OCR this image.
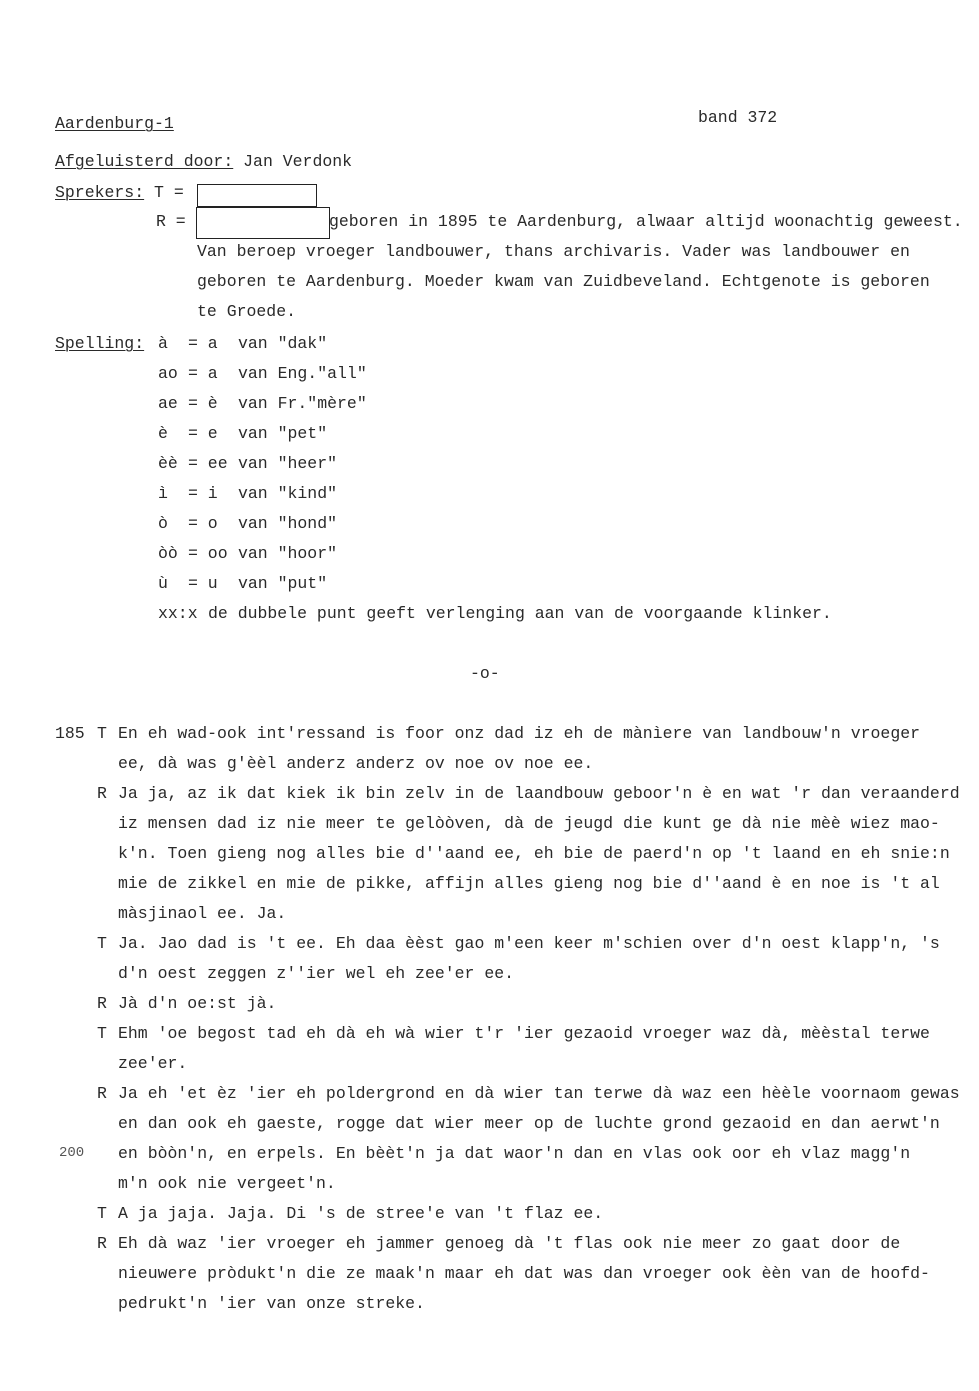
Aardenburg-1	band 372
Afgeluisterd door: Jan Verdonk
Sprekers: T =
R =	geboren in 1895 te Aardenburg, alwaar altijd woonachtig geweest.
Van beroep vroeger landbouwer, thans archivaris. Vader was landbouwer en
geboren te Aardenburg. Moeder kwam van Zuidbeveland. Echtgenote is geboren
te Groede.
Spelling: à = a van "dak"
ao = a van Eng."all"
ae = è van Fr."mère"
è = e van "pet"
èè = ee van "heer"
ì = i van "kind"
ò = o van "hond"
òò = oo van "hoor"
ù = u van "put"
xx:x de dubbele punt geeft verlenging aan van de voorgaande klinker.
-o-
185
200
T En eh wad-ook int'ressand is foor onz dad iz eh de mànìere van landbouw'n vroeger
ee, dà was g'èèl anderz anderz ov noe ov noe ee.
R Ja ja, az ik dat kiek ik bin zelv in de laandbouw geboor'n è en wat 'r dan veraanderd
iz mensen dad iz nie meer te gelòòven, dà de jeugd die kunt ge dà nie mèè wiez mao-
k'n. Toen gieng nog alles bie d''aand ee, eh bie de paerd'n op 't laand en eh snie:n
mie de zikkel en mie de pikke, affijn alles gieng nog bie d''aand è en noe is 't al
màsjinaol ee. Ja.
T Ja. Jao dad is 't ee. Eh daa èèst gao m'een keer m'schien over d'n oest klapp'n, 's
d'n oest zeggen z''ier wel eh zee'er ee.
R Jà d'n oe:st jà.
T Ehm 'oe begost tad eh dà eh wà wier t'r 'ier gezaoid vroeger waz dà, mèèstal terwe
zee'er.
R Ja eh 'et èz 'ier eh poldergrond en dà wier tan terwe dà waz een hèèle voornaom gewas
en dan ook eh gaeste, rogge dat wier meer op de luchte grond gezaoid en dan aerwt'n
en bòòn'n, en erpels. En bèèt'n ja dat waor'n dan en vlas ook oor eh vlaz magg'n
m'n ook nie vergeet'n.
T A ja jaja. Jaja. Di 's de stree'e van 't flaz ee.
R Eh dà waz 'ier vroeger eh jammer genoeg dà 't flas ook nie meer zo gaat door de
nieuwere pròdukt'n die ze maak'n maar eh dat was dan vroeger ook èèn van de hoofd-
pedrukt'n 'ier van onze streke.
